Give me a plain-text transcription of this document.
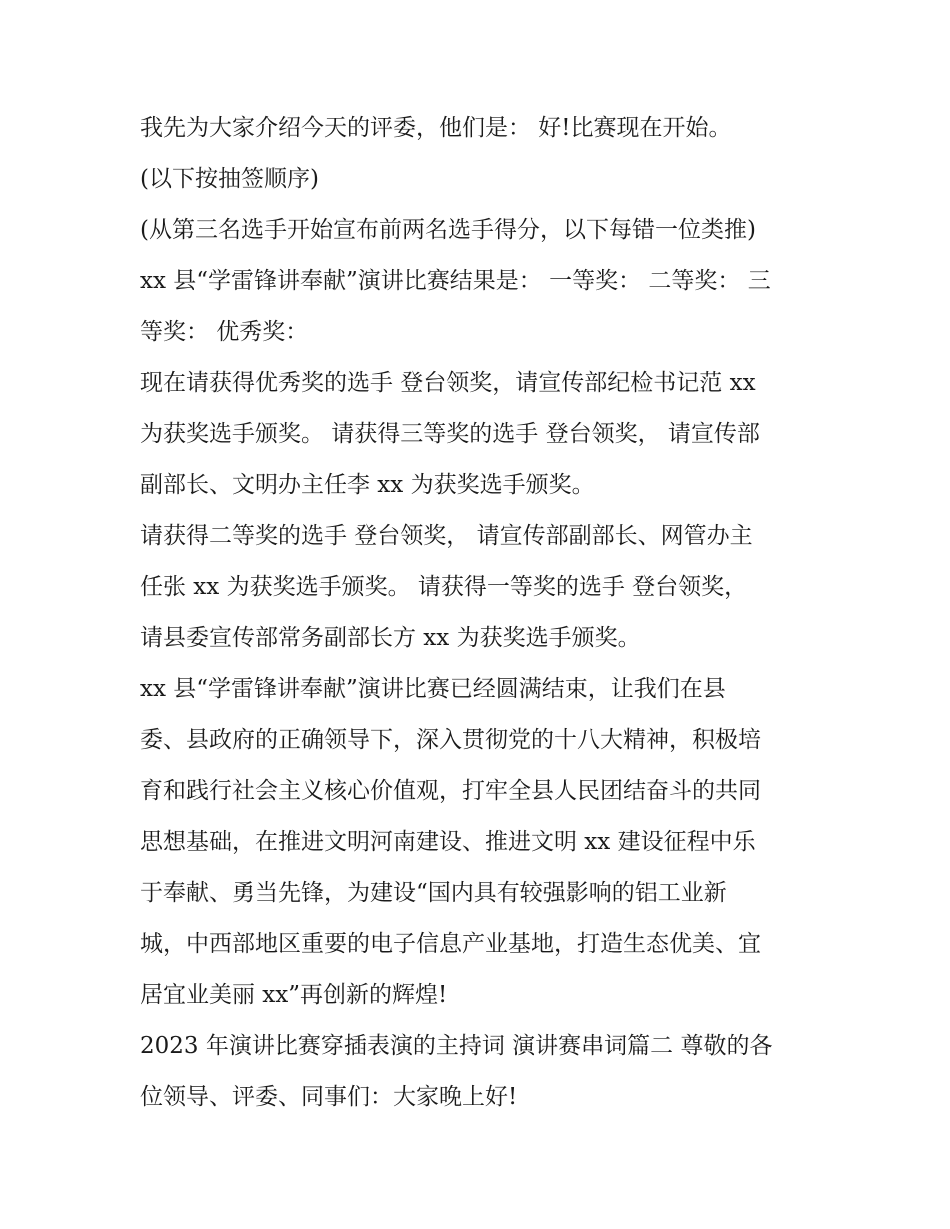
我先为大家介绍今天的评委，他们是： 好!比赛现在开始。
(以下按抽签顺序)
(从第三名选手开始宣布前两名选手得分，以下每错一位类推)
xx 县“学雷锋讲奉献”演讲比赛结果是： 一等奖： 二等奖： 三
等奖： 优秀奖：
现在请获得优秀奖的选手 登台领奖，请宣传部纪检书记范 xx
为获奖选手颁奖。 请获得三等奖的选手 登台领奖， 请宣传部
副部长、文明办主任李 xx 为获奖选手颁奖。
请获得二等奖的选手 登台领奖， 请宣传部副部长、网管办主
任张 xx 为获奖选手颁奖。 请获得一等奖的选手 登台领奖，
请县委宣传部常务副部长方 xx 为获奖选手颁奖。
xx 县“学雷锋讲奉献”演讲比赛已经圆满结束，让我们在县
委、县政府的正确领导下，深入贯彻党的十八大精神，积极培
育和践行社会主义核心价值观，打牢全县人民团结奋斗的共同
思想基础，在推进文明河南建设、推进文明 xx 建设征程中乐
于奉献、勇当先锋，为建设“国内具有较强影响的铝工业新
城，中西部地区重要的电子信息产业基地，打造生态优美、宜
居宜业美丽 xx”再创新的辉煌!
2023 年演讲比赛穿插表演的主持词 演讲赛串词篇二 尊敬的各
位领导、评委、同事们：大家晚上好!
